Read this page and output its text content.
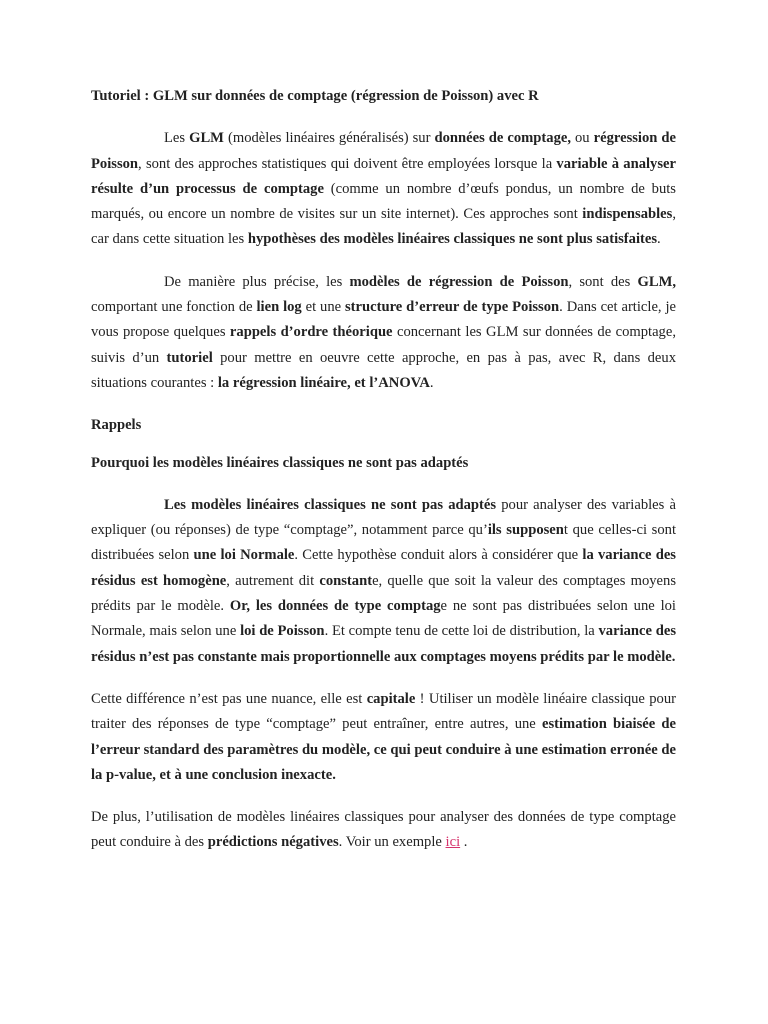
Tutoriel : GLM sur données de comptage (régression de Poisson) avec R

Les GLM (modèles linéaires généralisés) sur données de comptage, ou régression de Poisson, sont des approches statistiques qui doivent être employées lorsque la variable à analyser résulte d’un processus de comptage (comme un nombre d’œufs pondus, un nombre de buts marqués, ou encore un nombre de visites sur un site internet). Ces approches sont indispensables, car dans cette situation les hypothèses des modèles linéaires classiques ne sont plus satisfaites.

De manière plus précise, les modèles de régression de Poisson, sont des GLM, comportant une fonction de lien log et une structure d’erreur de type Poisson. Dans cet article, je vous propose quelques rappels d’ordre théorique concernant les GLM sur données de comptage, suivis d’un tutoriel pour mettre en oeuvre cette approche, en pas à pas, avec R, dans deux situations courantes : la régression linéaire, et l’ANOVA.

Rappels

Pourquoi les modèles linéaires classiques ne sont pas adaptés

Les modèles linéaires classiques ne sont pas adaptés pour analyser des variables à expliquer (ou réponses) de type “comptage”, notamment parce qu’ils supposent que celles-ci sont distribuées selon une loi Normale. Cette hypothèse conduit alors à considérer que la variance des résidus est homogène, autrement dit constante, quelle que soit la valeur des comptages moyens prédits par le modèle. Or, les données de type comptage ne sont pas distribuées selon une loi Normale, mais selon une loi de Poisson. Et compte tenu de cette loi de distribution, la variance des résidus n’est pas constante mais proportionnelle aux comptages moyens prédits par le modèle.

Cette différence n’est pas une nuance, elle est capitale ! Utiliser un modèle linéaire classique pour traiter des réponses de type “comptage” peut entraîner, entre autres, une estimation biaisée de l’erreur standard des paramètres du modèle, ce qui peut conduire à une estimation erronée de la p-value, et à une conclusion inexacte.

De plus, l’utilisation de modèles linéaires classiques pour analyser des données de type comptage peut conduire à des prédictions négatives. Voir un exemple ici .
